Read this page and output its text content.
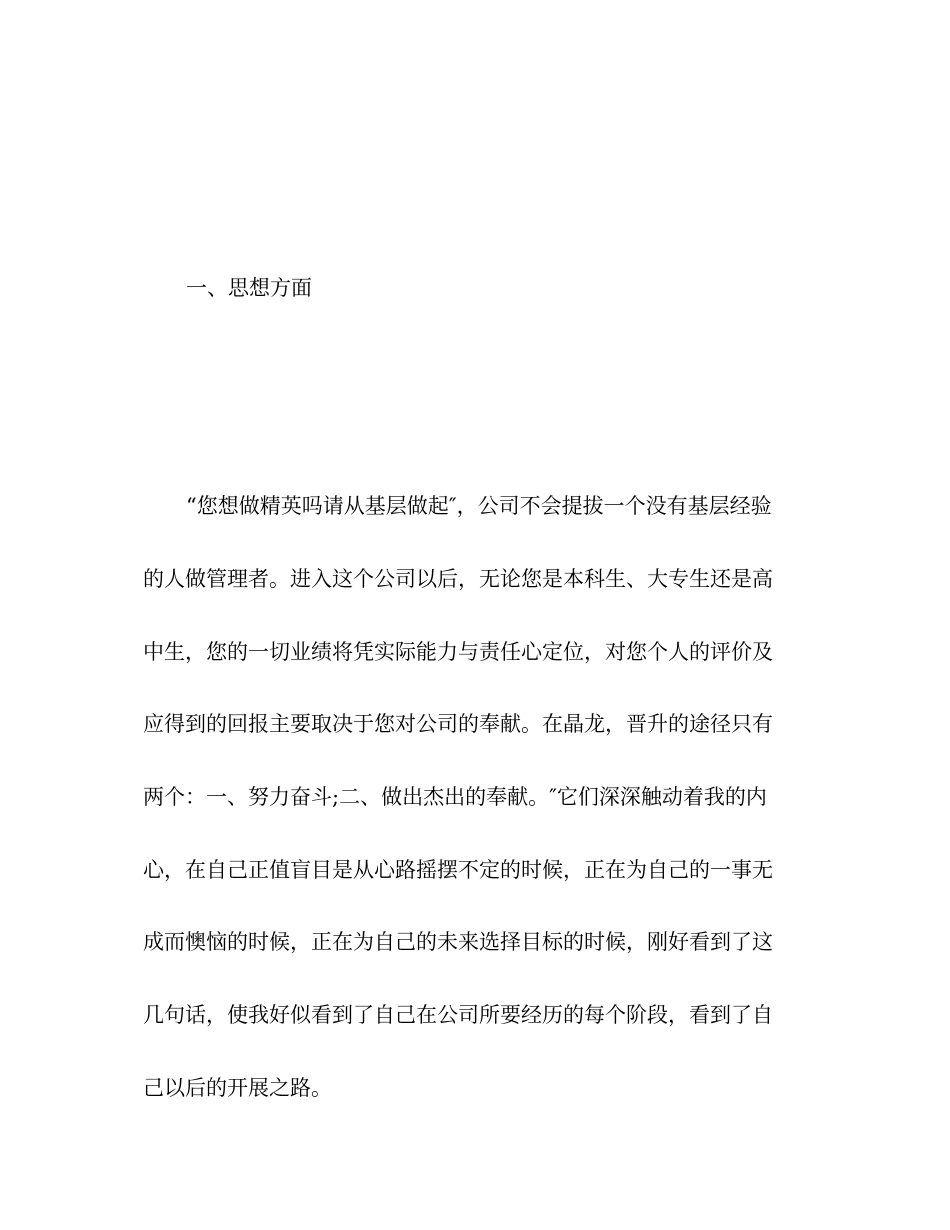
一、思想方面

“您想做精英吗请从基层做起″，公司不会提拔一个没有基层经验

的人做管理者。进入这个公司以后，无论您是本科生、大专生还是高

中生，您的一切业绩将凭实际能力与责任心定位，对您个人的评价及

应得到的回报主要取决于您对公司的奉献。在晶龙，晋升的途径只有

两个：一、努力奋斗;二、做出杰出的奉献。″它们深深触动着我的内

心，在自己正值盲目是从心路摇摆不定的时候，正在为自己的一事无

成而懊恼的时候，正在为自己的未来选择目标的时候，刚好看到了这

几句话，使我好似看到了自己在公司所要经历的每个阶段，看到了自

己以后的开展之路。
